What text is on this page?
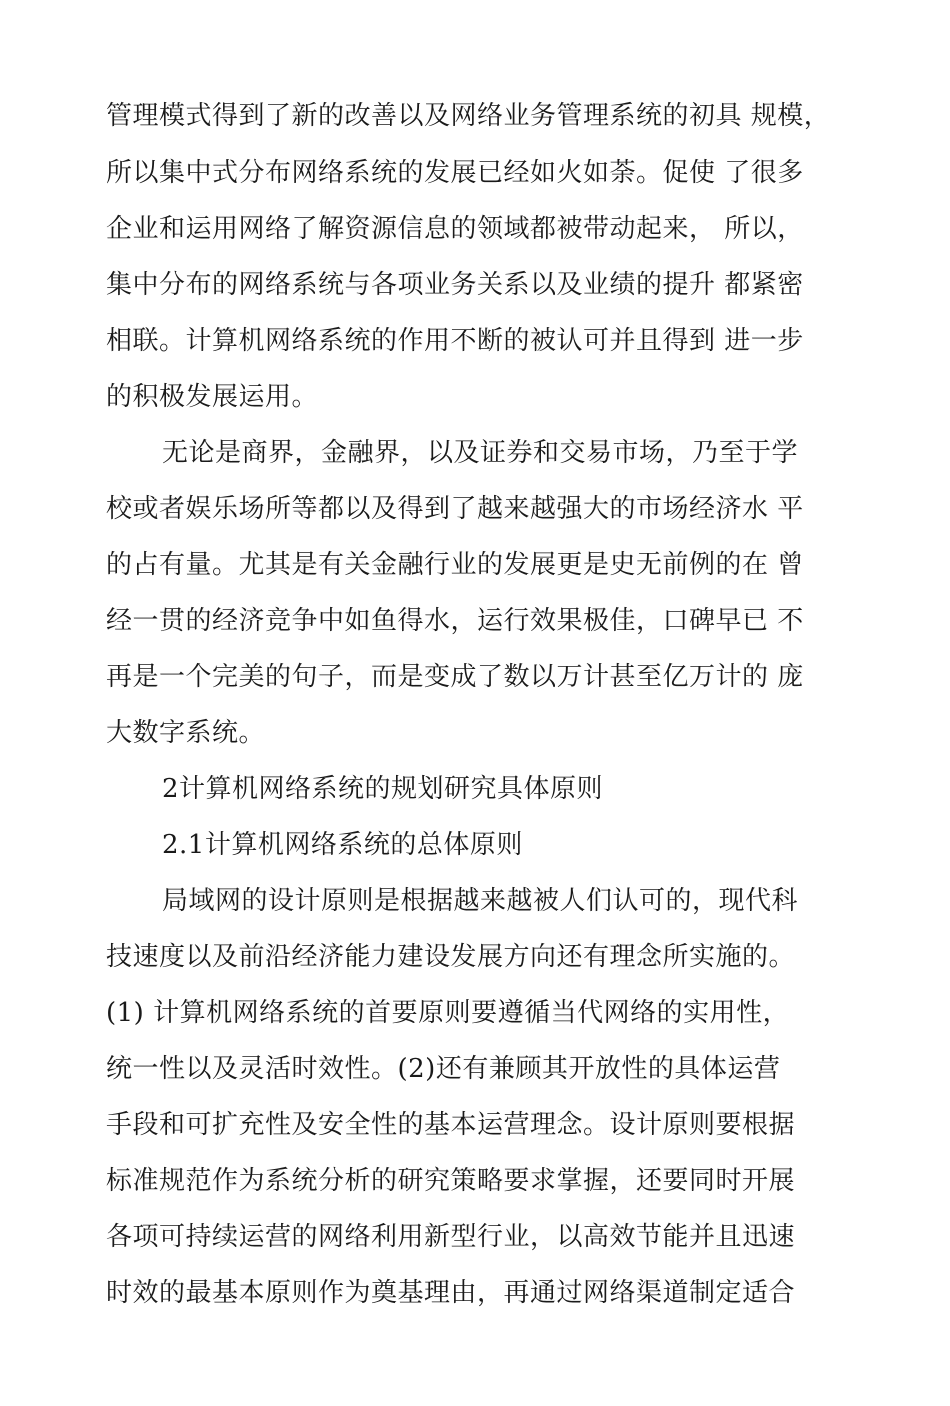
管理模式得到了新的改善以及网络业务管理系统的初具 规模，

所以集中式分布网络系统的发展已经如火如荼。促使 了很多

企业和运用网络了解资源信息的领域都被带动起来， 所以，

集中分布的网络系统与各项业务关系以及业绩的提升 都紧密

相联。计算机网络系统的作用不断的被认可并且得到 进一步

的积极发展运用。

无论是商界，金融界，以及证券和交易市场，乃至于学

校或者娱乐场所等都以及得到了越来越强大的市场经济水 平

的占有量。尤其是有关金融行业的发展更是史无前例的在 曾

经一贯的经济竞争中如鱼得水，运行效果极佳，口碑早已 不

再是一个完美的句子，而是变成了数以万计甚至亿万计的 庞

大数字系统。

2计算机网络系统的规划研究具体原则

2.1计算机网络系统的总体原则

局域网的设计原则是根据越来越被人们认可的，现代科

技速度以及前沿经济能力建设发展方向还有理念所实施的。

(1) 计算机网络系统的首要原则要遵循当代网络的实用性，

统一性以及灵活时效性。(2)还有兼顾其开放性的具体运营

手段和可扩充性及安全性的基本运营理念。设计原则要根据

标准规范作为系统分析的研究策略要求掌握，还要同时开展

各项可持续运营的网络利用新型行业，以高效节能并且迅速

时效的最基本原则作为奠基理由，再通过网络渠道制定适合
